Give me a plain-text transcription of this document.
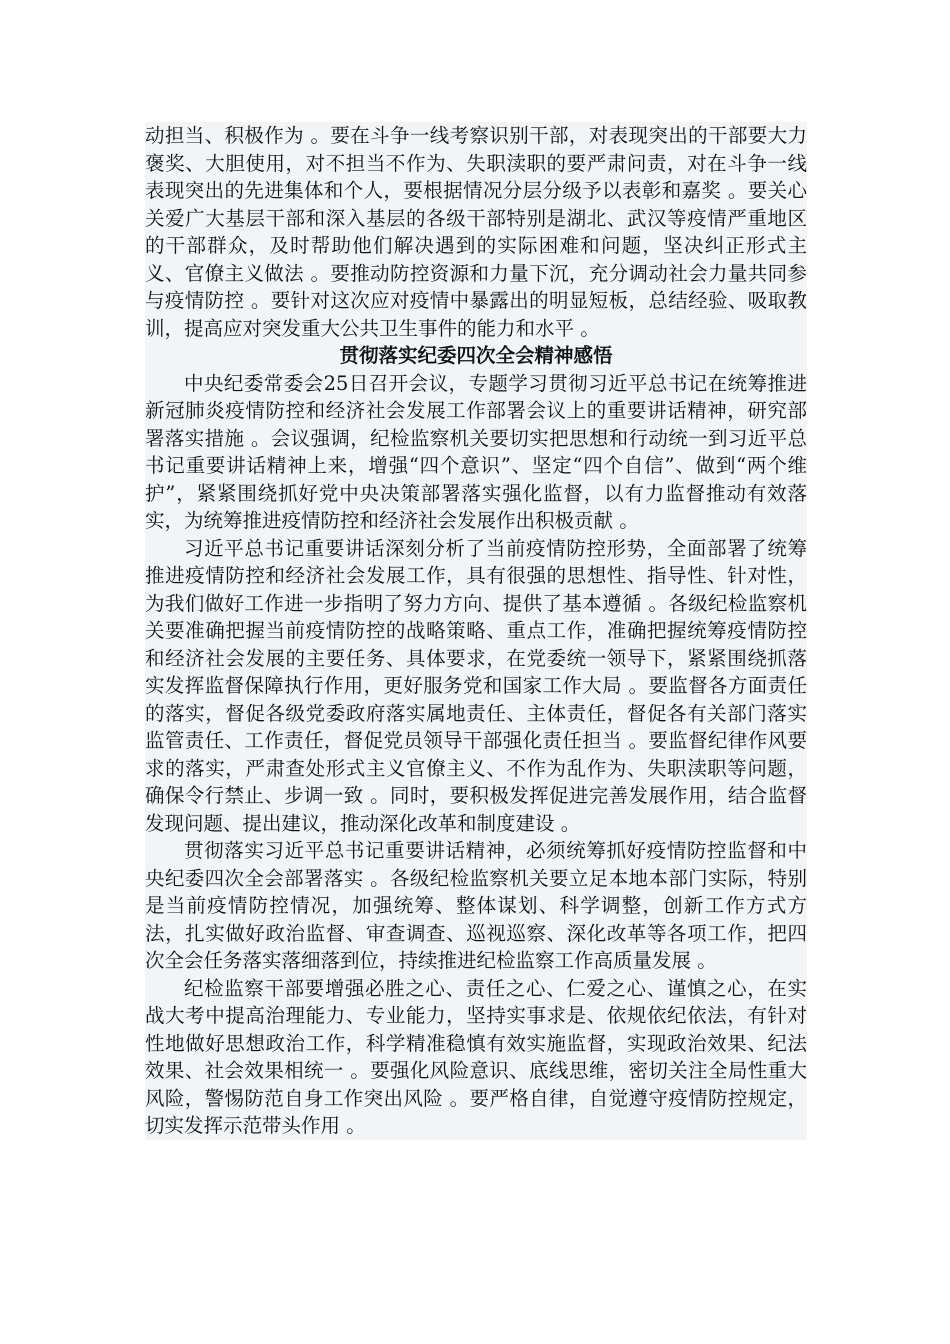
动担当、积极作为 。要在斗争一线考察识别干部，对表现突出的干部要大力褒奖、大胆使用，对不担当不作为、失职渎职的要严肃问责，对在斗争一线表现突出的先进集体和个人，要根据情况分层分级予以表彰和嘉奖 。要关心关爱广大基层干部和深入基层的各级干部特别是湖北、武汉等疫情严重地区的干部群众，及时帮助他们解决遇到的实际困难和问题，坚决纠正形式主义、官僚主义做法 。要推动防控资源和力量下沉，充分调动社会力量共同参与疫情防控 。要针对这次应对疫情中暴露出的明显短板，总结经验、吸取教训，提高应对突发重大公共卫生事件的能力和水平 。

贯彻落实纪委四次全会精神感悟

中央纪委常委会25日召开会议，专题学习贯彻习近平总书记在统筹推进新冠肺炎疫情防控和经济社会发展工作部署会议上的重要讲话精神，研究部署落实措施 。会议强调，纪检监察机关要切实把思想和行动统一到习近平总书记重要讲话精神上来，增强“四个意识”、坚定“四个自信”、做到“两个维护”，紧紧围绕抓好党中央决策部署落实强化监督，以有力监督推动有效落实，为统筹推进疫情防控和经济社会发展作出积极贡献 。

习近平总书记重要讲话深刻分析了当前疫情防控形势，全面部署了统筹推进疫情防控和经济社会发展工作，具有很强的思想性、指导性、针对性，为我们做好工作进一步指明了努力方向、提供了基本遵循 。各级纪检监察机关要准确把握当前疫情防控的战略策略、重点工作，准确把握统筹疫情防控和经济社会发展的主要任务、具体要求，在党委统一领导下，紧紧围绕抓落实发挥监督保障执行作用，更好服务党和国家工作大局 。要监督各方面责任的落实，督促各级党委政府落实属地责任、主体责任，督促各有关部门落实监管责任、工作责任，督促党员领导干部强化责任担当 。要监督纪律作风要求的落实，严肃查处形式主义官僚主义、不作为乱作为、失职渎职等问题，确保令行禁止、步调一致 。同时，要积极发挥促进完善发展作用，结合监督发现问题、提出建议，推动深化改革和制度建设 。

贯彻落实习近平总书记重要讲话精神，必须统筹抓好疫情防控监督和中央纪委四次全会部署落实 。各级纪检监察机关要立足本地本部门实际，特别是当前疫情防控情况，加强统筹、整体谋划、科学调整，创新工作方式方法，扎实做好政治监督、审查调查、巡视巡察、深化改革等各项工作，把四次全会任务落实落细落到位，持续推进纪检监察工作高质量发展 。

纪检监察干部要增强必胜之心、责任之心、仁爱之心、谨慎之心，在实战大考中提高治理能力、专业能力，坚持实事求是、依规依纪依法，有针对性地做好思想政治工作，科学精准稳慎有效实施监督，实现政治效果、纪法效果、社会效果相统一 。要强化风险意识、底线思维，密切关注全局性重大风险，警惕防范自身工作突出风险 。要严格自律，自觉遵守疫情防控规定，切实发挥示范带头作用 。
